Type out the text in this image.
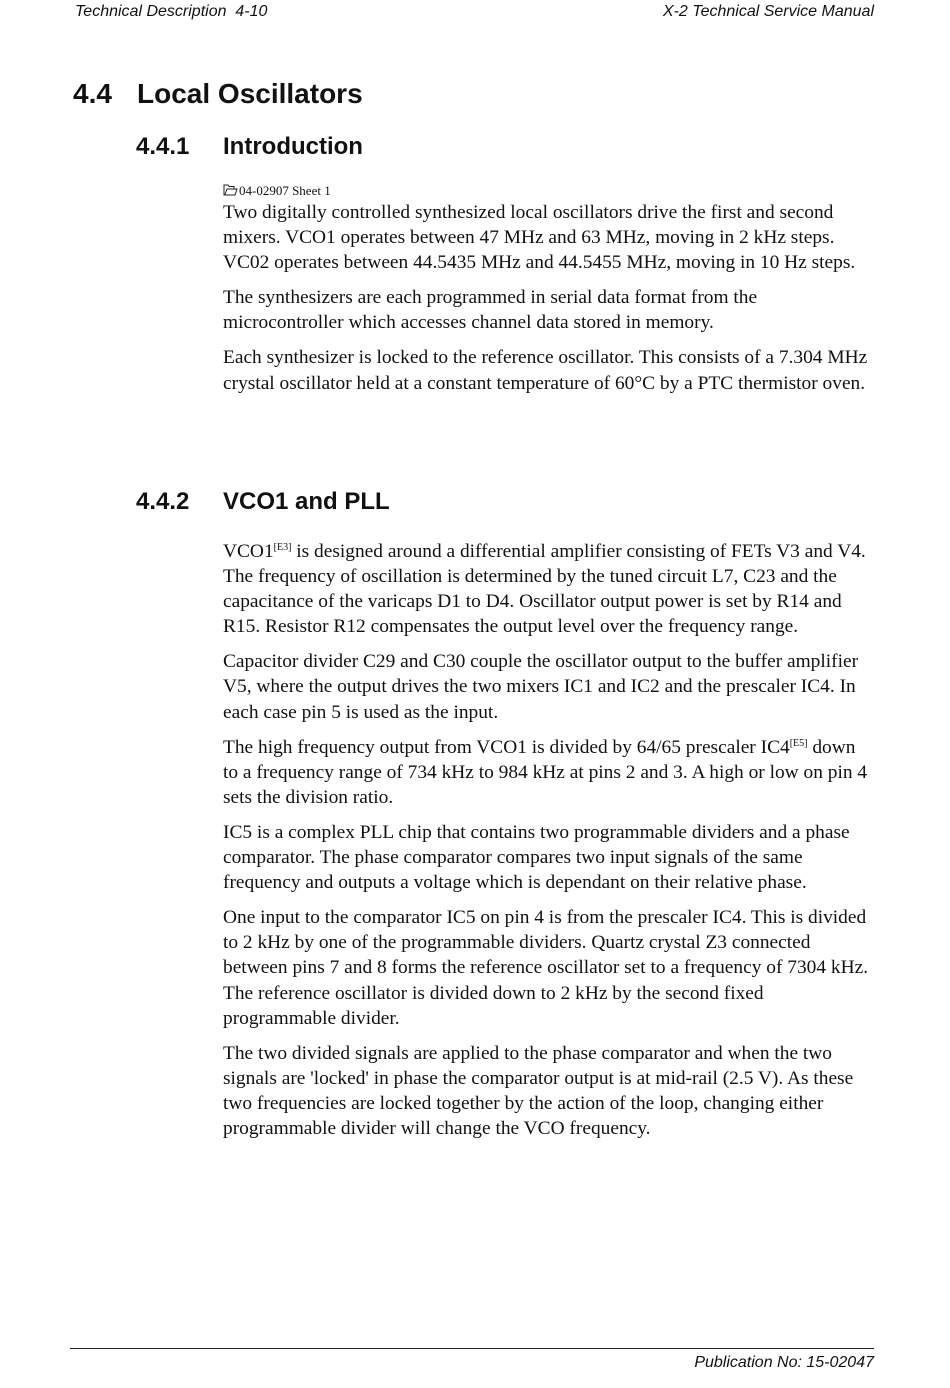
Technical Description  4-10	X-2 Technical Service Manual
4.4 Local Oscillators
4.4.1 Introduction
04-02907 Sheet 1

Two digitally controlled synthesized local oscillators drive the first and second mixers. VCO1 operates between 47 MHz and 63 MHz, moving in 2 kHz steps. VC02 operates between 44.5435 MHz and 44.5455 MHz, moving in 10 Hz steps.

The synthesizers are each programmed in serial data format from the microcontroller which accesses channel data stored in memory.

Each synthesizer is locked to the reference oscillator. This consists of a 7.304 MHz crystal oscillator held at a constant temperature of 60°C by a PTC thermistor oven.

4.4.2 VCO1 and PLL

VCO1[E3] is designed around a differential amplifier consisting of FETs V3 and V4. The frequency of oscillation is determined by the tuned circuit L7, C23 and the capacitance of the varicaps D1 to D4. Oscillator output power is set by R14 and R15. Resistor R12 compensates the output level over the frequency range.

Capacitor divider C29 and C30 couple the oscillator output to the buffer amplifier V5, where the output drives the two mixers IC1 and IC2 and the prescaler IC4. In each case pin 5 is used as the input.

The high frequency output from VCO1 is divided by 64/65 prescaler IC4[E5] down to a frequency range of 734 kHz to 984 kHz at pins 2 and 3. A high or low on pin 4 sets the division ratio.

IC5 is a complex PLL chip that contains two programmable dividers and a phase comparator. The phase comparator compares two input signals of the same frequency and outputs a voltage which is dependant on their relative phase.

One input to the comparator IC5 on pin 4 is from the prescaler IC4. This is divided to 2 kHz by one of the programmable dividers. Quartz crystal Z3 connected between pins 7 and 8 forms the reference oscillator set to a frequency of 7304 kHz. The reference oscillator is divided down to 2 kHz by the second fixed programmable divider.

The two divided signals are applied to the phase comparator and when the two signals are 'locked' in phase the comparator output is at mid-rail (2.5 V). As these two frequencies are locked together by the action of the loop, changing either programmable divider will change the VCO frequency.

Publication No: 15-02047
